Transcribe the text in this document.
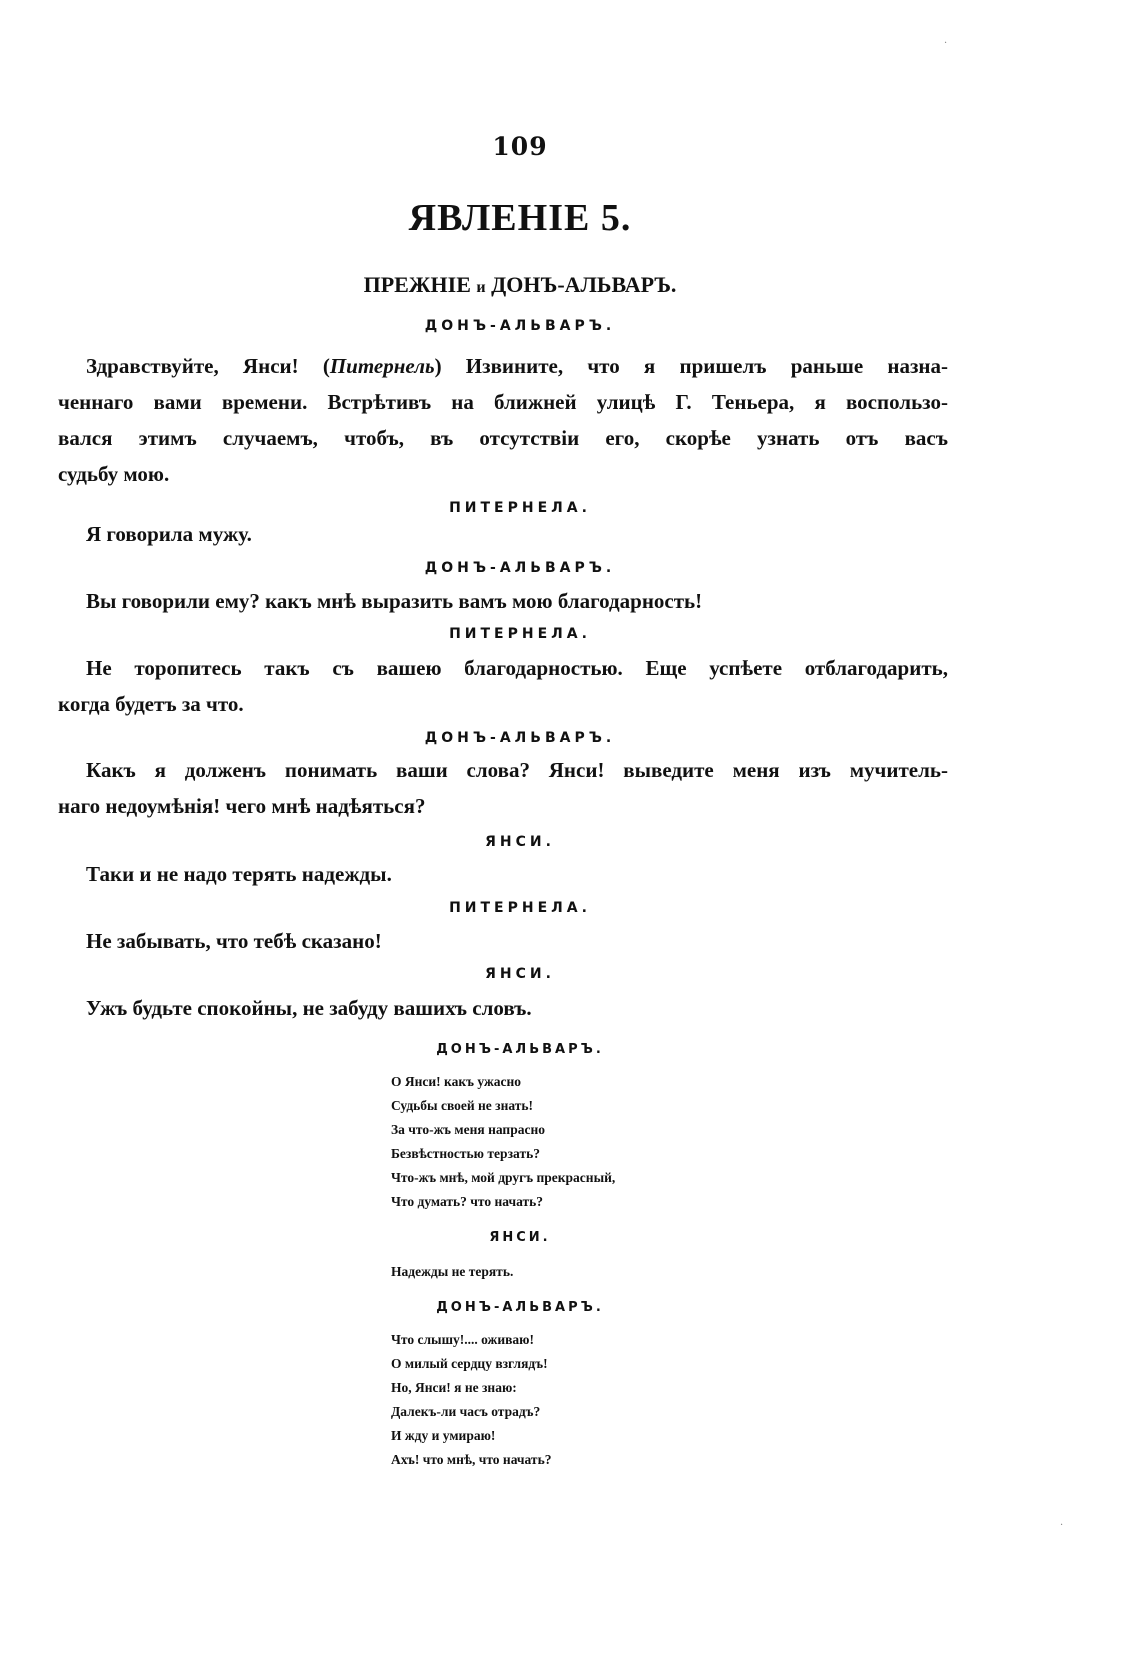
109
ЯВЛЕНІЕ 5.
ПРЕЖНІЕ и ДОНЪ-АЛЬВАРЪ.
ДОНЪ-АЛЬВАРЪ.
Здравствуйте, Янси! (Питернель) Извините, что я пришелъ раньше назна-
ченнаго вами времени. Встрѣтивъ на ближней улицѣ Г. Теньера, я воспользо-
вался этимъ случаемъ, чтобъ, въ отсутствіи его, скорѣе узнать отъ васъ
судьбу мою.
ПИТЕРНЕЛА.
Я говорила мужу.
ДОНЪ-АЛЬВАРЪ.
Вы говорили ему? какъ мнѣ выразить вамъ мою благодарность!
ПИТЕРНЕЛА.
Не торопитесь такъ съ вашею благодарностью. Еще успѣете отблагодарить,
когда будетъ за что.
ДОНЪ-АЛЬВАРЪ.
Какъ я долженъ понимать ваши слова? Янси! выведите меня изъ мучитель-
наго недоумѣнія! чего мнѣ надѣяться?
ЯНСИ.
Таки и не надо терять надежды.
ПИТЕРНЕЛА.
Не забывать, что тебѣ сказано!
ЯНСИ.
Ужъ будьте спокойны, не забуду вашихъ словъ.
ДОНЪ-АЛЬВАРЪ.
О Янси! какъ ужасно
Судьбы своей не знать!
За что-жъ меня напрасно
Безвѣстностью терзать?
Что-жъ мнѣ, мой другъ прекрасный,
Что думать? что начать?
ЯНСИ.
Надежды не терять.
ДОНЪ-АЛЬВАРЪ.
Что слышу!.... оживаю!
О милый сердцу взглядъ!
Но, Янси! я не знаю:
Далекъ-ли часъ отрадъ?
И жду и умираю!
Ахъ! что мнѣ, что начать?
·
·
